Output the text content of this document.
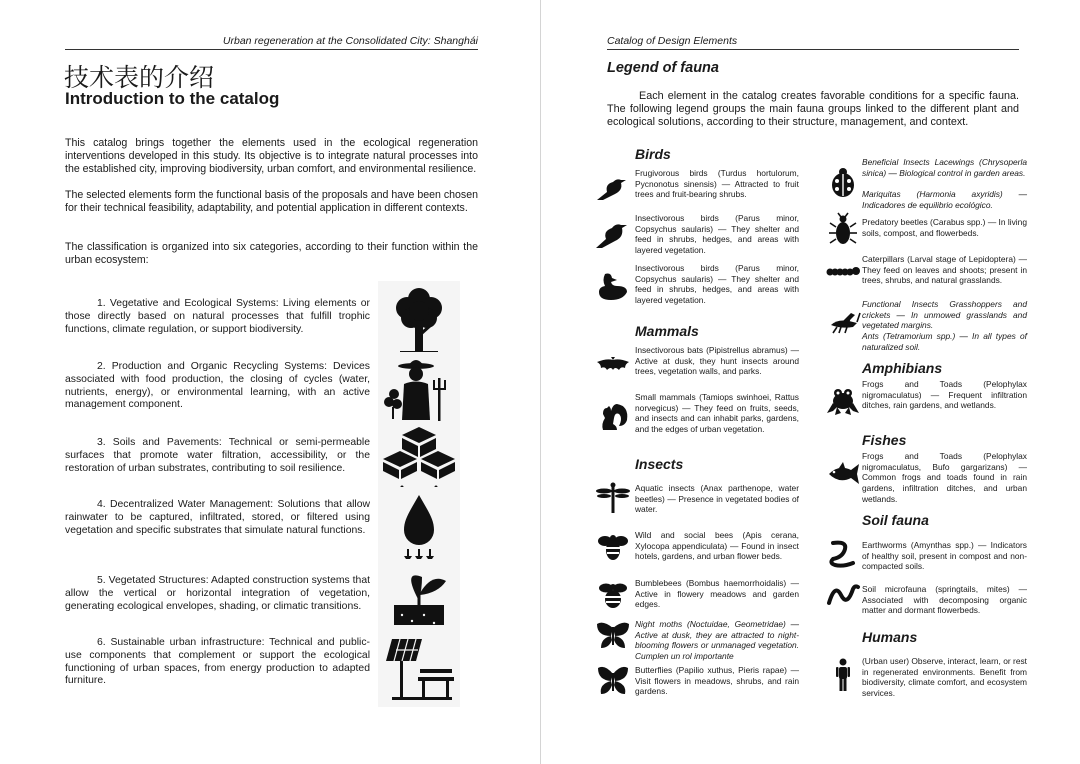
Urban regeneration at the Consolidated City: Shanghái
技术表的介绍
Introduction to the catalog

This catalog brings together the elements used in the ecological regeneration interventions developed in this study. Its objective is to integrate natural processes into the established city, improving biodiversity, urban comfort, and environmental resilience.

The selected elements form the functional basis of the proposals and have been chosen for their technical feasibility, adaptability, and potential application in different contexts.

The classification is organized into six categories, according to their function within the urban ecosystem:

1. Vegetative and Ecological Systems: Living elements or those directly based on natural processes that fulfill trophic functions, climate regulation, or support biodiversity.

2. Production and Organic Recycling Systems: Devices associated with food production, the closing of cycles (water, nutrients, energy), or environmental learning, with an active management component.

3. Soils and Pavements: Technical or semi-permeable surfaces that promote water filtration, accessibility, or the restoration of urban substrates, contributing to soil resilience.

4. Decentralized Water Management: Solutions that allow rainwater to be captured, infiltrated, stored, or filtered using vegetation and specific substrates that simulate natural functions.

5. Vegetated Structures: Adapted construction systems that allow the vertical or horizontal integration of vegetation, generating ecological envelopes, shading, or climatic transitions.

6. Sustainable urban infrastructure: Technical and public-use components that complement or support the ecological functioning of urban spaces, from energy production to adapted furniture.

Catalog of Design Elements
Legend of fauna

Each element in the catalog creates favorable conditions for a specific fauna. The following legend groups the main fauna groups linked to the different plant and ecological solutions, according to their structure, management, and context.

Birds

Frugivorous birds (Turdus hortulorum, Pycnonotus sinensis) — Attracted to fruit trees and fruit-bearing shrubs.

Insectivorous birds (Parus minor, Copsychus saularis) — They shelter and feed in shrubs, hedges, and areas with layered vegetation.

Insectivorous birds (Parus minor, Copsychus saularis) — They shelter and feed in shrubs, hedges, and areas with layered vegetation.

Mammals

Insectivorous bats (Pipistrellus abramus) — Active at dusk, they hunt insects around trees, vegetation walls, and parks.

Small mammals (Tamiops swinhoei, Rattus norvegicus) — They feed on fruits, seeds, and insects and can inhabit parks, gardens, and the edges of urban vegetation.

Insects

Aquatic insects (Anax parthenope, water beetles) — Presence in vegetated bodies of water.

Wild and social bees (Apis cerana, Xylocopa appendiculata) — Found in insect hotels, gardens, and urban flower beds.

Bumblebees (Bombus haemorrhoidalis) — Active in flowery meadows and garden edges.

Night moths (Noctuidae, Geometridae) — Active at dusk, they are attracted to night-blooming flowers or unmanaged vegetation. Cumplen un rol importante

Butterflies (Papilio xuthus, Pieris rapae) — Visit flowers in meadows, shrubs, and rain gardens.

Beneficial Insects Lacewings (Chrysoperla sinica) — Biological control in garden areas.

Mariquitas (Harmonia axyridis) — Indicadores de equilibrio ecológico.

Predatory beetles (Carabus spp.) — In living soils, compost, and flowerbeds.

Caterpillars (Larval stage of Lepidoptera) — They feed on leaves and shoots; present in trees, shrubs, and natural grasslands.

Functional Insects Grasshoppers and crickets — In unmowed grasslands and vegetated margins.

Ants (Tetramorium spp.) — In all types of naturalized soil.

Amphibians

Frogs and Toads (Pelophylax nigromaculatus) — Frequent infiltration ditches, rain gardens, and wetlands.

Fishes

Frogs and Toads (Pelophylax nigromaculatus, Bufo gargarizans) — Common frogs and toads found in rain gardens, infiltration ditches, and urban wetlands.

Soil fauna

Earthworms (Amynthas spp.) — Indicators of healthy soil, present in compost and non-compacted soils.

Soil microfauna (springtails, mites) — Associated with decomposing organic matter and dormant flowerbeds.

Humans

(Urban user) Observe, interact, learn, or rest in regenerated environments. Benefit from biodiversity, climate comfort, and ecosystem services.
